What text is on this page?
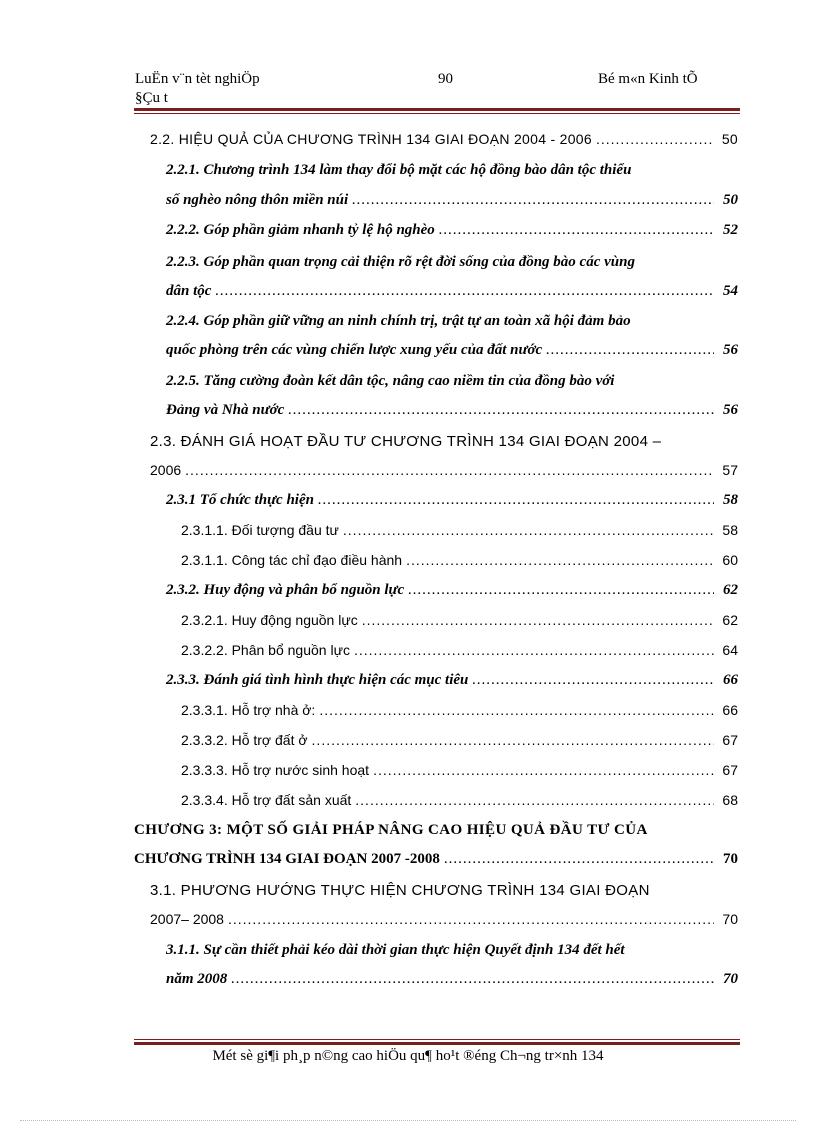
LuËn v¨n tèt nghiÖp
§Çu t
90	Bé m«n Kinh tÕ
2.2. HIỆU QUẢ CỦA CHƯƠNG TRÌNH 134 GIAI ĐOẠN 2004 - 2006 .....	50
2.2.1. Chương trình 134 làm thay đổi bộ mặt các hộ đồng bào dân tộc thiểu
số nghèo nông thôn miền núi .....	50
2.2.2. Góp phần giảm nhanh tỷ lệ hộ nghèo .....	52
2.2.3. Góp phần quan trọng cải thiện rõ rệt đời sống của đồng bào các vùng
dân tộc .....	54
2.2.4. Góp phần giữ vững an ninh chính trị, trật tự an toàn xã hội đảm bảo
quốc phòng trên các vùng chiến lược xung yếu của đất nước .....	56
2.2.5. Tăng cường đoàn kết dân tộc, nâng cao niềm tin của đồng bào với
Đảng và Nhà nước .....	56
2.3. ĐÁNH GIÁ HOẠT ĐẦU TƯ CHƯƠNG TRÌNH 134 GIAI ĐOẠN 2004 –
2006 .....	57
2.3.1 Tổ chức thực hiện .....	58
2.3.1.1. Đối tượng đầu tư .....	58
2.3.1.1. Công tác chỉ đạo điều hành .....	60
2.3.2. Huy động và phân bổ nguồn lực .....	62
2.3.2.1. Huy động nguồn lực .....	62
2.3.2.2. Phân bổ nguồn lực .....	64
2.3.3. Đánh giá tình hình thực hiện các mục tiêu .....	66
2.3.3.1. Hỗ trợ nhà ở: .....	66
2.3.3.2. Hỗ trợ đất ở .....	67
2.3.3.3. Hỗ trợ nước sinh hoạt .....	67
2.3.3.4. Hỗ trợ đất sản xuất .....	68
CHƯƠNG 3: MỘT SỐ GIẢI PHÁP NÂNG CAO HIỆU QUẢ ĐẦU TƯ CỦA
CHƯƠNG TRÌNH 134 GIAI ĐOẠN 2007 -2008 .....	70
3.1. PHƯƠNG HƯỚNG THỰC HIỆN CHƯƠNG TRÌNH 134 GIAI ĐOẠN
2007– 2008 .....	70
3.1.1. Sự cần thiết phải kéo dài thời gian thực hiện Quyết định 134 đết hết
năm 2008 .....	70
Mét sè gi¶i ph¸p n©ng cao hiÖu qu¶ ho¹t ®éng Ch¬ng tr×nh 134
